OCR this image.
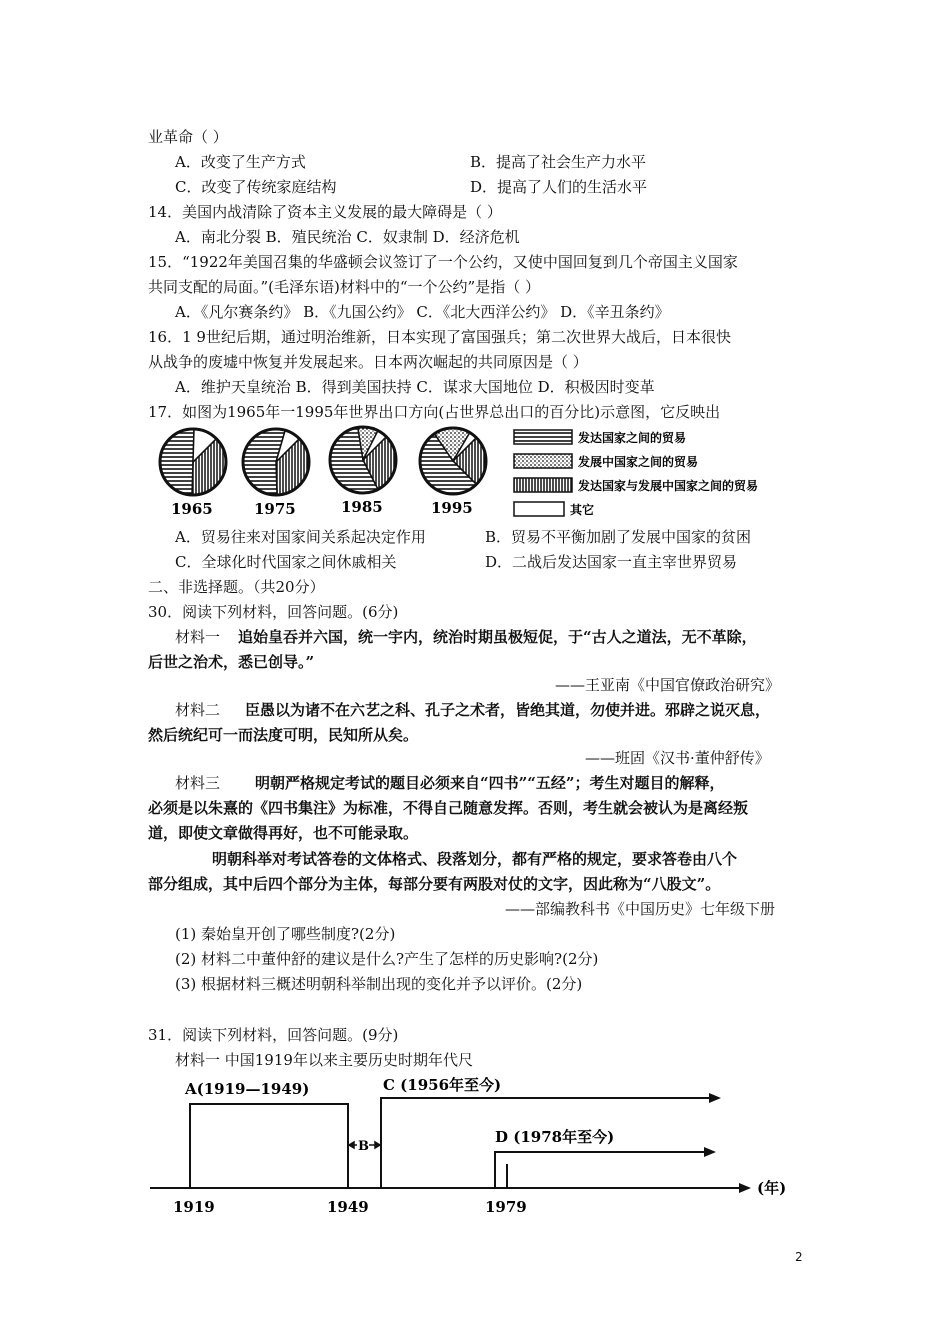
业革命（ ）
A．改变了生产方式	B．提高了社会生产力水平
C．改变了传统家庭结构	D．提高了人们的生活水平
14．美国内战清除了资本主义发展的最大障碍是（ ）
A．南北分裂 B．殖民统治 C．奴隶制 D．经济危机
15．“1922年美国召集的华盛顿会议签订了一个公约，又使中国回复到几个帝国主义国家
共同支配的局面。”(毛泽东语)材料中的“一个公约”是指（ ）
A．《凡尔赛条约》 B．《九国公约》 C．《北大西洋公约》 D．《辛丑条约》
16．1 9世纪后期，通过明治维新，日本实现了富国强兵；第二次世界大战后，日本很快
从战争的废墟中恢复并发展起来。日本两次崛起的共同原因是（ ）
A．维护天皇统治 B．得到美国扶持 C．谋求大国地位 D．积极因时变革
17．如图为1965年一1995年世界出口方向(占世界总出口的百分比)示意图，它反映出
1965	1975	1985	1995
发达国家之间的贸易
发展中国家之间的贸易
发达国家与发展中国家之间的贸易
其它
A．贸易往来对国家间关系起决定作用	B．贸易不平衡加剧了发展中国家的贫困
C．全球化时代国家之间休戚相关	D．二战后发达国家一直主宰世界贸易
二、非选择题。（共20分）
30．阅读下列材料，回答问题。(6分)
材料一 追始皇吞并六国，统一宇内，统治时期虽极短促，于“古人之道法，无不革除，
后世之治术，悉已创导。”
——王亚南《中国官僚政治研究》
材料二 臣愚以为诸不在六艺之科、孔子之术者，皆绝其道，勿使并进。邪辟之说灭息，
然后统纪可一而法度可明，民知所从矣。
——班固《汉书·董仲舒传》
材料三 明朝严格规定考试的题目必须来自“四书”“五经”；考生对题目的解释，
必须是以朱熹的《四书集注》为标准，不得自己随意发挥。否则，考生就会被认为是离经叛
道，即使文章做得再好，也不可能录取。
明朝科举对考试答卷的文体格式、段落划分，都有严格的规定，要求答卷由八个
部分组成，其中后四个部分为主体，每部分要有两股对仗的文字，因此称为“八股文”。
——部编教科书《中国历史》七年级下册
(1) 秦始皇开创了哪些制度?(2分)
(2) 材料二中董仲舒的建议是什么?产生了怎样的历史影响?(2分)
(3) 根据材料三概述明朝科举制出现的变化并予以评价。(2分)
31．阅读下列材料，回答问题。(9分)
材料一 中国1919年以来主要历史时期年代尺
A(1919—1949)
B
C (1956年至今)
D (1978年至今)
(年)
1919	1949	1979
2
